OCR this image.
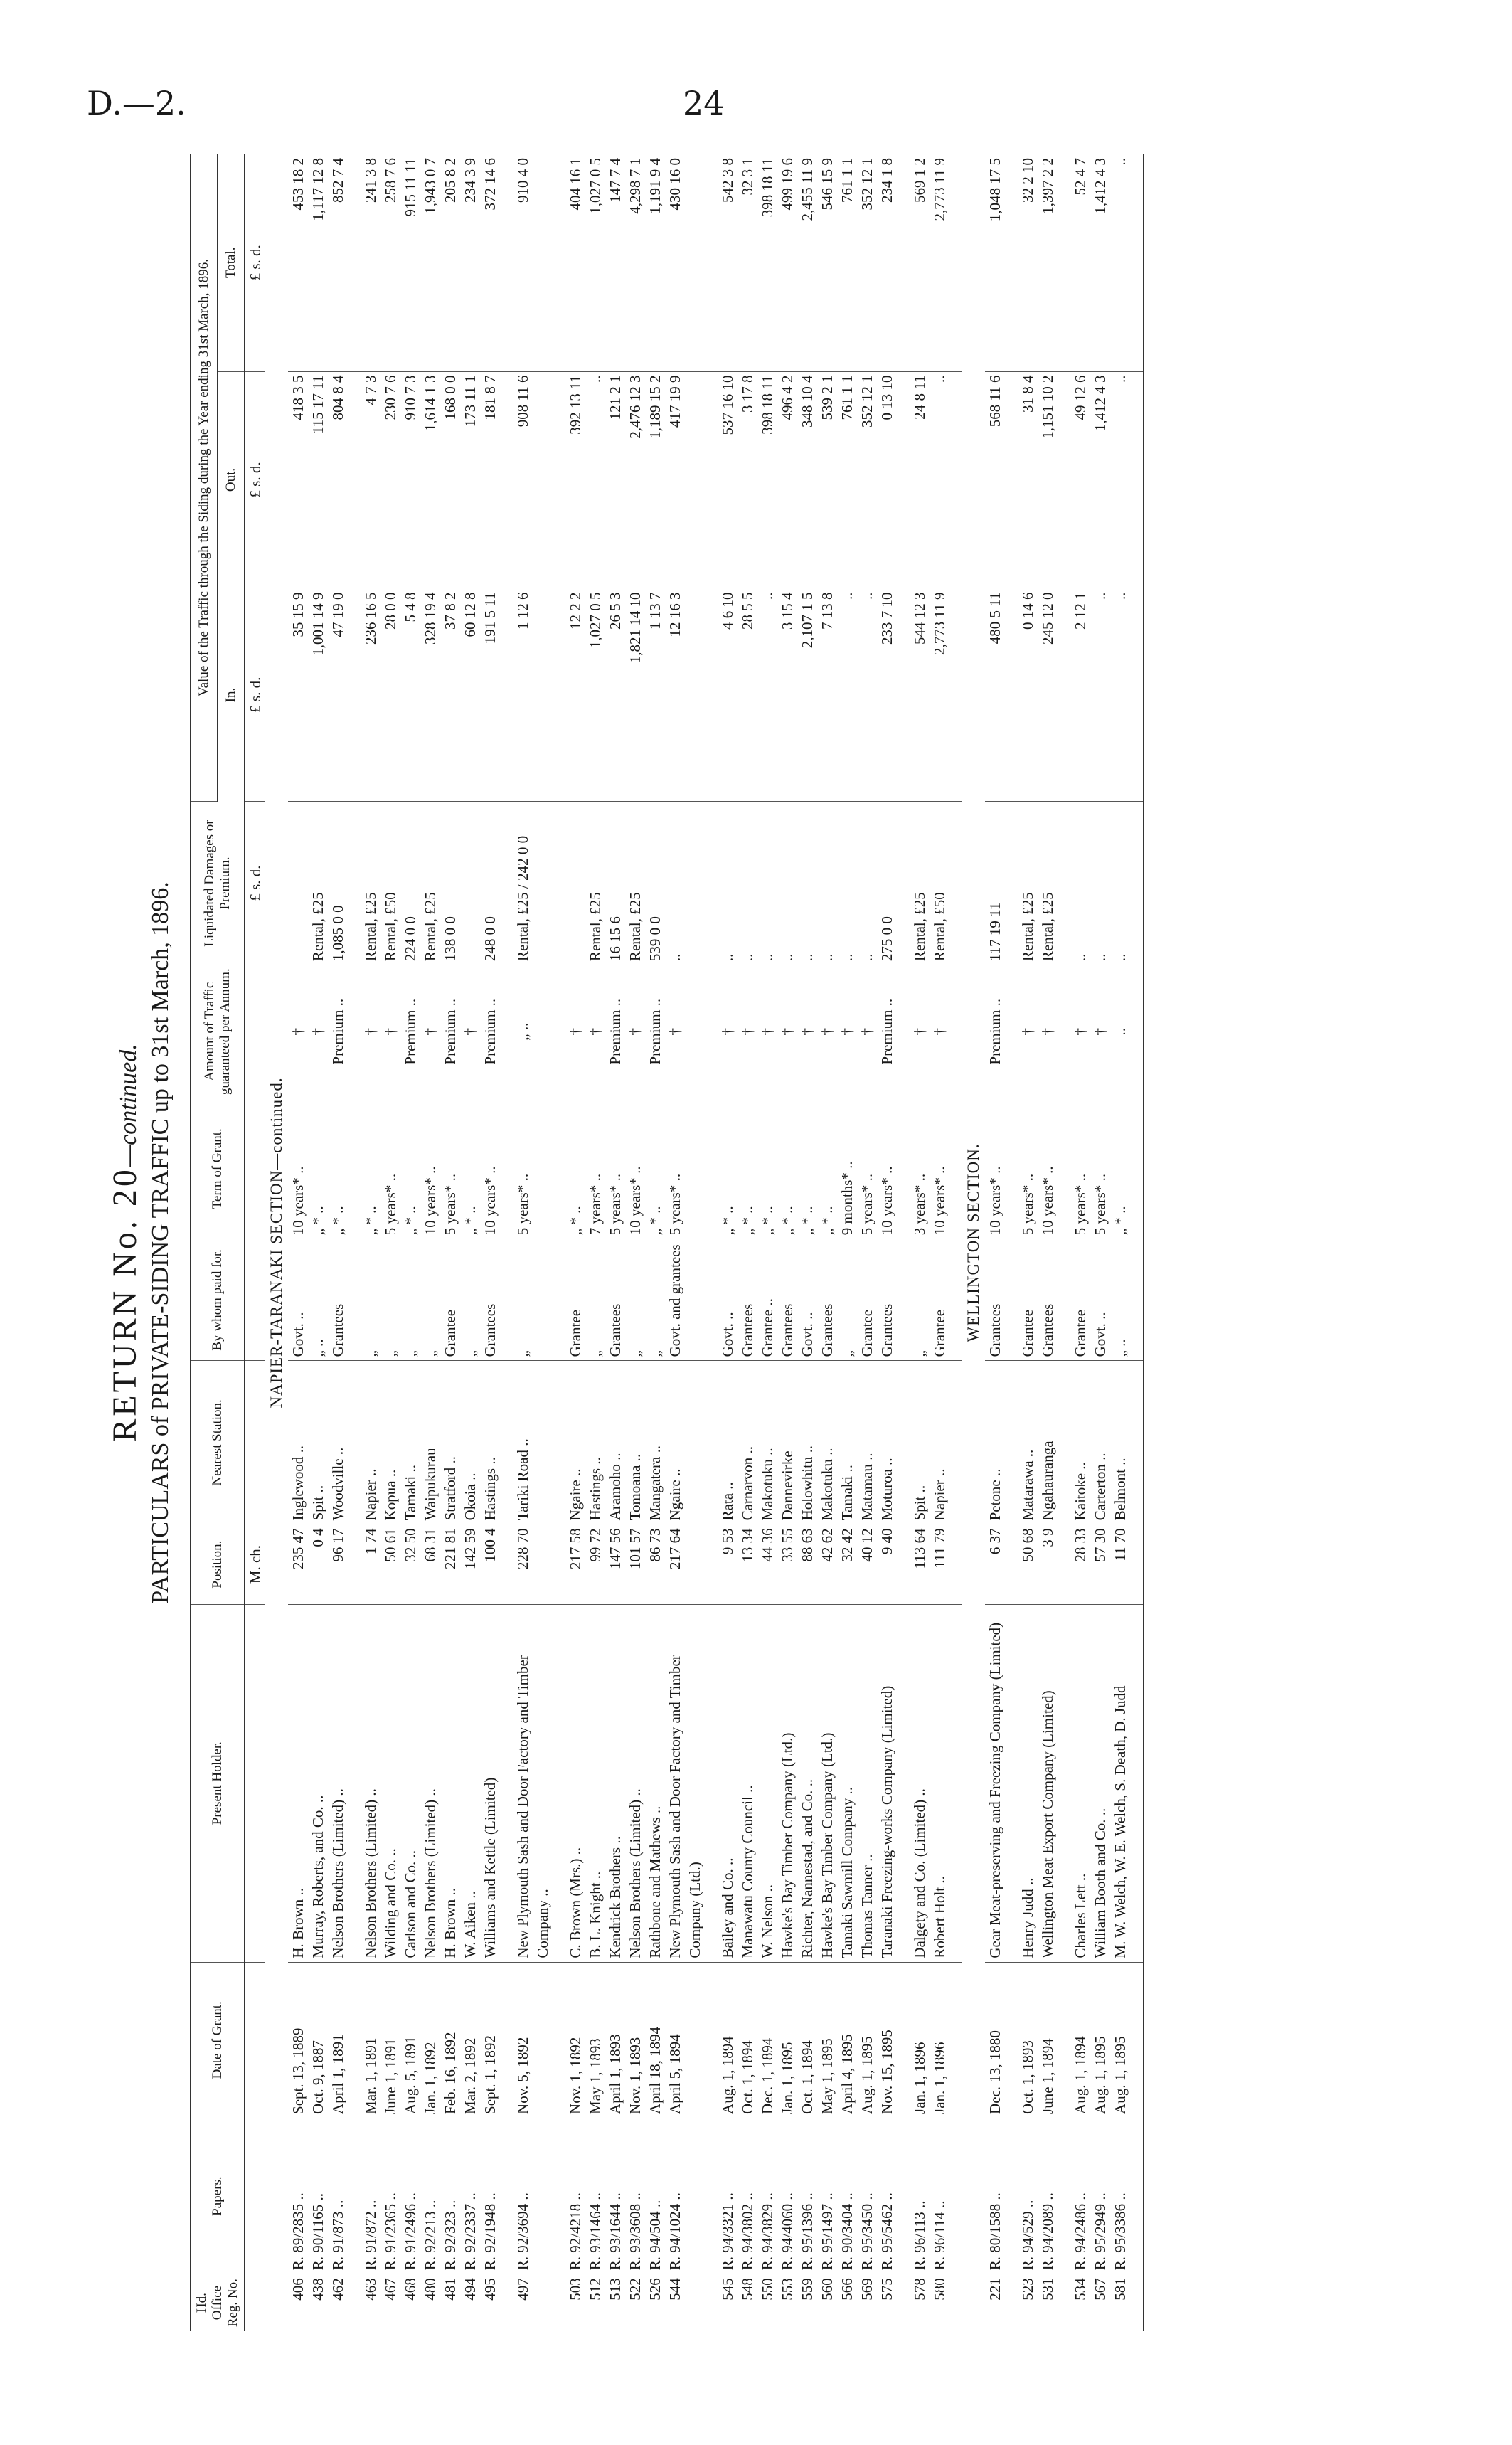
D.—2.	24
RETURN No. 20—continued. PARTICULARS of PRIVATE-SIDING TRAFFIC up to 31st March, 1896.
Hd. Office Reg. No.	Papers.	Date of Grant.	Present Holder.	Position.	Nearest Station.	By whom paid for.	Term of Grant.	Amount of Traffic guaranteed per Annum.	Liquidated Damages or Premium.	Value of the Traffic through the Siding during the Year ending 31st March, 1896.		
										In.	Out.	Total.
				M. ch.					£ s. d.	£ s. d.	£ s. d.	£ s. d.
NAPIER-TARANAKI SECTION—continued.												
406	R. 89/2835 ..	Sept. 13, 1889	H. Brown ..	235 47	Inglewood ..	Govt. ..	10 years* ..	†		35 15 9	418 3 5	453 18 2
438	R. 90/1165 ..	Oct. 9, 1887	Murray, Roberts, and Co. ..	0 4	Spit ..	„ ..	„ * ..	†	Rental, £25	1,001 14 9	115 17 11	1,117 12 8
462	R. 91/873 ..	April 1, 1891	Nelson Brothers (Limited) ..	96 17	Woodville ..	Grantees	„ * ..	Premium ..	1,085 0 0	47 19 0	804 8 4	852 7 4

463	R. 91/872 ..	Mar. 1, 1891	Nelson Brothers (Limited) ..	1 74	Napier ..	„	„ * ..	†	Rental, £25	236 16 5	4 7 3	241 3 8
467	R. 91/2365 ..	June 1, 1891	Wilding and Co. ..	50 61	Kopua ..	„	5 years* ..	†	Rental, £50	28 0 0	230 7 6	258 7 6
468	R. 91/2496 ..	Aug. 5, 1891	Carlson and Co. ..	32 50	Tamaki ..	„	„ * ..	Premium ..	224 0 0	5 4 8	910 7 3	915 11 11
480	R. 92/213 ..	Jan. 1, 1892	Nelson Brothers (Limited) ..	68 31	Waipukurau	„	10 years* ..	†	Rental, £25	328 19 4	1,614 1 3	1,943 0 7
481	R. 92/323 ..	Feb. 16, 1892	H. Brown ..	221 81	Stratford ..	Grantee	5 years* ..	Premium ..	138 0 0	37 8 2	168 0 0	205 8 2
494	R. 92/2337 ..	Mar. 2, 1892	W. Aiken ..	142 59	Okoia ..	„	„ * ..	†		60 12 8	173 11 1	234 3 9
495	R. 92/1948 ..	Sept. 1, 1892	Williams and Kettle (Limited)	100 4	Hastings ..	Grantees	10 years* ..	Premium ..	248 0 0	191 5 11	181 8 7	372 14 6

497	R. 92/3694 ..	Nov. 5, 1892	New Plymouth Sash and Door Factory and Timber Company ..	228 70	Tariki Road ..	„	5 years* ..	„ ..	Rental, £25 / 242 0 0	1 12 6	908 11 6	910 4 0

503	R. 92/4218 ..	Nov. 1, 1892	C. Brown (Mrs.) ..	217 58	Ngaire ..	Grantee	„ * ..	†		12 2 2	392 13 11	404 16 1
512	R. 93/1464 ..	May 1, 1893	B. L. Knight ..	99 72	Hastings ..	„	7 years* ..	†	Rental, £25	1,027 0 5	..	1,027 0 5
513	R. 93/1644 ..	April 1, 1893	Kendrick Brothers ..	147 56	Aramoho ..	Grantees	5 years* ..	Premium ..	16 15 6	26 5 3	121 2 1	147 7 4
522	R. 93/3608 ..	Nov. 1, 1893	Nelson Brothers (Limited) ..	101 57	Tomoana ..	„	10 years* ..	†	Rental, £25	1,821 14 10	2,476 12 3	4,298 7 1
526	R. 94/504 ..	April 18, 1894	Rathbone and Mathews ..	86 73	Mangatera ..	„	„ * ..	Premium ..	539 0 0	1 13 7	1,189 15 2	1,191 9 4
544	R. 94/1024 ..	April 5, 1894	New Plymouth Sash and Door Factory and Timber Company (Ltd.)	217 64	Ngaire ..	Govt. and grantees	5 years* ..	†	..	12 16 3	417 19 9	430 16 0

545	R. 94/3321 ..	Aug. 1, 1894	Bailey and Co. ..	9 53	Rata ..	Govt. ..	„ * ..	†	..	4 6 10	537 16 10	542 3 8
548	R. 94/3802 ..	Oct. 1, 1894	Manawatu County Council ..	13 34	Carnarvon ..	Grantees	„ * ..	†	..	28 5 5	3 17 8	32 3 1
550	R. 94/3829 ..	Dec. 1, 1894	W. Nelson ..	44 36	Makotuku ..	Grantee ..	„ * ..	†	..	..	398 18 11	398 18 11
553	R. 94/4060 ..	Jan. 1, 1895	Hawke's Bay Timber Company (Ltd.)	33 55	Dannevirke	Grantees	„ * ..	†	..	3 15 4	496 4 2	499 19 6
559	R. 95/1396 ..	Oct. 1, 1894	Richter, Nannestad, and Co. ..	88 63	Holowhitu ..	Govt. ..	„ * ..	†	..	2,107 1 5	348 10 4	2,455 11 9
560	R. 95/1497 ..	May 1, 1895	Hawke's Bay Timber Company (Ltd.)	42 62	Makotuku ..	Grantees	„ * ..	†	..	7 13 8	539 2 1	546 15 9
566	R. 90/3404 ..	April 4, 1895	Tamaki Sawmill Company ..	32 42	Tamaki ..	„	9 months* ..	†	..	..	761 1 1	761 1 1
569	R. 95/3450 ..	Aug. 1, 1895	Thomas Tanner ..	40 12	Matamau ..	Grantee	5 years* ..	†	..	..	352 12 1	352 12 1
575	R. 95/5462 ..	Nov. 15, 1895	Taranaki Freezing-works Company (Limited)	9 40	Moturoa ..	Grantees	10 years* ..	Premium ..	275 0 0	233 7 10	0 13 10	234 1 8

578	R. 96/113 ..	Jan. 1, 1896	Dalgety and Co. (Limited) ..	113 64	Spit ..	„	3 years* ..	†	Rental, £25	544 12 3	24 8 11	569 1 2
580	R. 96/114 ..	Jan. 1, 1896	Robert Holt ..	111 79	Napier ..	Grantee	10 years* ..	†	Rental, £50	2,773 11 9	..	2,773 11 9

WELLINGTON SECTION.												
221	R. 80/1588 ..	Dec. 13, 1880	Gear Meat-preserving and Freezing Company (Limited)	6 37	Petone ..	Grantees	10 years* ..	Premium ..	117 19 11	480 5 11	568 11 6	1,048 17 5

523	R. 94/529 ..	Oct. 1, 1893	Henry Judd ..	50 68	Matarawa ..	Grantee	5 years* ..	†	Rental, £25	0 14 6	31 8 4	32 2 10
531	R. 94/2089 ..	June 1, 1894	Wellington Meat Export Company (Limited)	3 9	Ngahauranga	Grantees	10 years* ..	†	Rental, £25	245 12 0	1,151 10 2	1,397 2 2

534	R. 94/2486 ..	Aug. 1, 1894	Charles Lett ..	28 33	Kaitoke ..	Grantee	5 years* ..	†	..	2 12 1	49 12 6	52 4 7
567	R. 95/2949 ..	Aug. 1, 1895	William Booth and Co. ..	57 30	Carterton ..	Govt. ..	5 years* ..	†	..	..	1,412 4 3	1,412 4 3
581	R. 95/3386 ..	Aug. 1, 1895	M. W. Welch, W. E. Welch, S. Death, D. Judd	11 70	Belmont ..	„ ..	„ * ..	..	..	..	..	..
